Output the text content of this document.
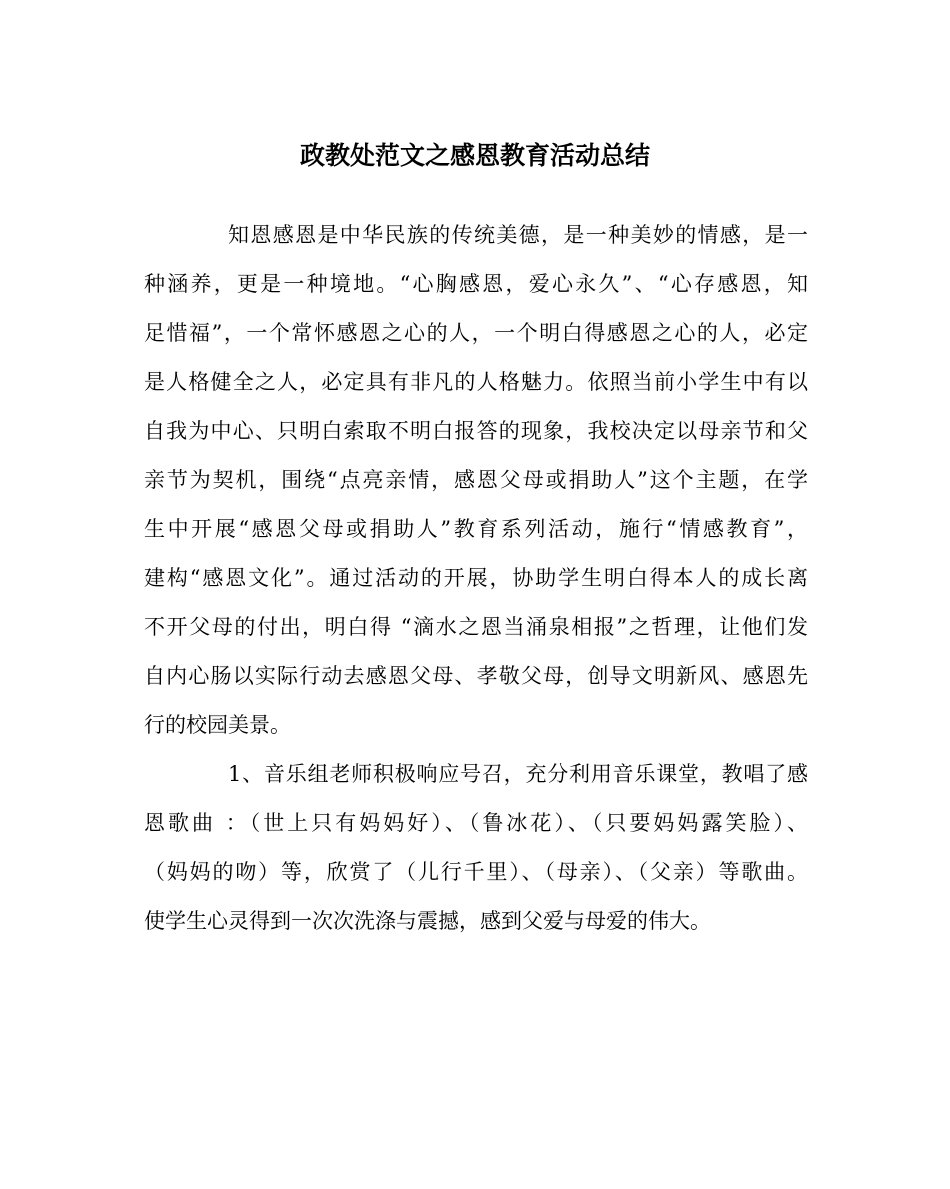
政教处范文之感恩教育活动总结
知恩感恩是中华民族的传统美德，是一种美妙的情感，是一
种涵养，更是一种境地。“心胸感恩，爱心永久”、“心存感恩，知
足惜福”，一个常怀感恩之心的人，一个明白得感恩之心的人，必定
是人格健全之人，必定具有非凡的人格魅力。依照当前小学生中有以
自我为中心、只明白索取不明白报答的现象，我校决定以母亲节和父
亲节为契机，围绕“点亮亲情，感恩父母或捐助人”这个主题，在学
生中开展“感恩父母或捐助人”教育系列活动，施行“情感教育”，
建构“感恩文化”。通过活动的开展，协助学生明白得本人的成长离
不开父母的付出，明白得 “滴水之恩当涌泉相报”之哲理，让他们发
自内心肠以实际行动去感恩父母、孝敬父母，创导文明新风、感恩先
行的校园美景。
1、音乐组老师积极响应号召，充分利用音乐课堂，教唱了感
恩歌曲 ：（世上只有妈妈好）、（鲁冰花）、（只要妈妈露笑脸）、
（妈妈的吻）等，欣赏了（儿行千里）、（母亲）、（父亲）等歌曲。
使学生心灵得到一次次洗涤与震撼，感到父爱与母爱的伟大。
